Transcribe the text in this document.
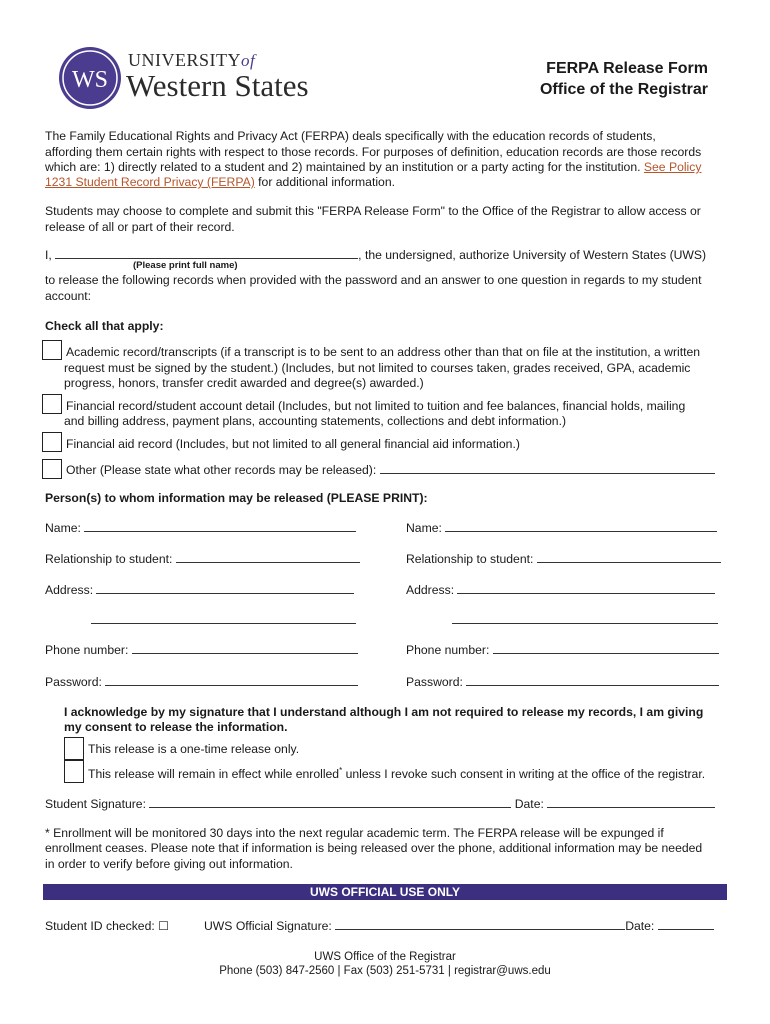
WS
UNIVERSITYof
Western States	FERPA Release Form
Office of the Registrar
The Family Educational Rights and Privacy Act (FERPA) deals specifically with the education records of students,
affording them certain rights with respect to those records. For purposes of definition, education records are those records
which are: 1) directly related to a student and 2) maintained by an institution or a party acting for the institution. See Policy
1231 Student Record Privacy (FERPA) for additional information.
Students may choose to complete and submit this "FERPA Release Form" to the Office of the Registrar to allow access or
release of all or part of their record.
I,	, the undersigned, authorize University of Western States (UWS)
(Please print full name)
to release the following records when provided with the password and an answer to one question in regards to my student
account:
Check all that apply:
Academic record/transcripts (if a transcript is to be sent to an address other than that on file at the institution, a written
request must be signed by the student.) (Includes, but not limited to courses taken, grades received, GPA, academic
progress, honors, transfer credit awarded and degree(s) awarded.)
Financial record/student account detail (Includes, but not limited to tuition and fee balances, financial holds, mailing
and billing address, payment plans, accounting statements, collections and debt information.)
Financial aid record (Includes, but not limited to all general financial aid information.)
Other (Please state what other records may be released):
Person(s) to whom information may be released (PLEASE PRINT):
Name:	Name:
Relationship to student:	Relationship to student:
Address:	Address:
Phone number:	Phone number:
Password:	Password:
I acknowledge by my signature that I understand although I am not required to release my records, I am giving
my consent to release the information.
This release is a one-time release only.
This release will remain in effect while enrolled* unless I revoke such consent in writing at the office of the registrar.
Student Signature:	Date:
* Enrollment will be monitored 30 days into the next regular academic term. The FERPA release will be expunged if
enrollment ceases. Please note that if information is being released over the phone, additional information may be needed
in order to verify before giving out information.
UWS OFFICIAL USE ONLY
Student ID checked: ☐	UWS Official Signature:	Date:
UWS Office of the Registrar
Phone (503) 847-2560 | Fax (503) 251-5731 | registrar@uws.edu
